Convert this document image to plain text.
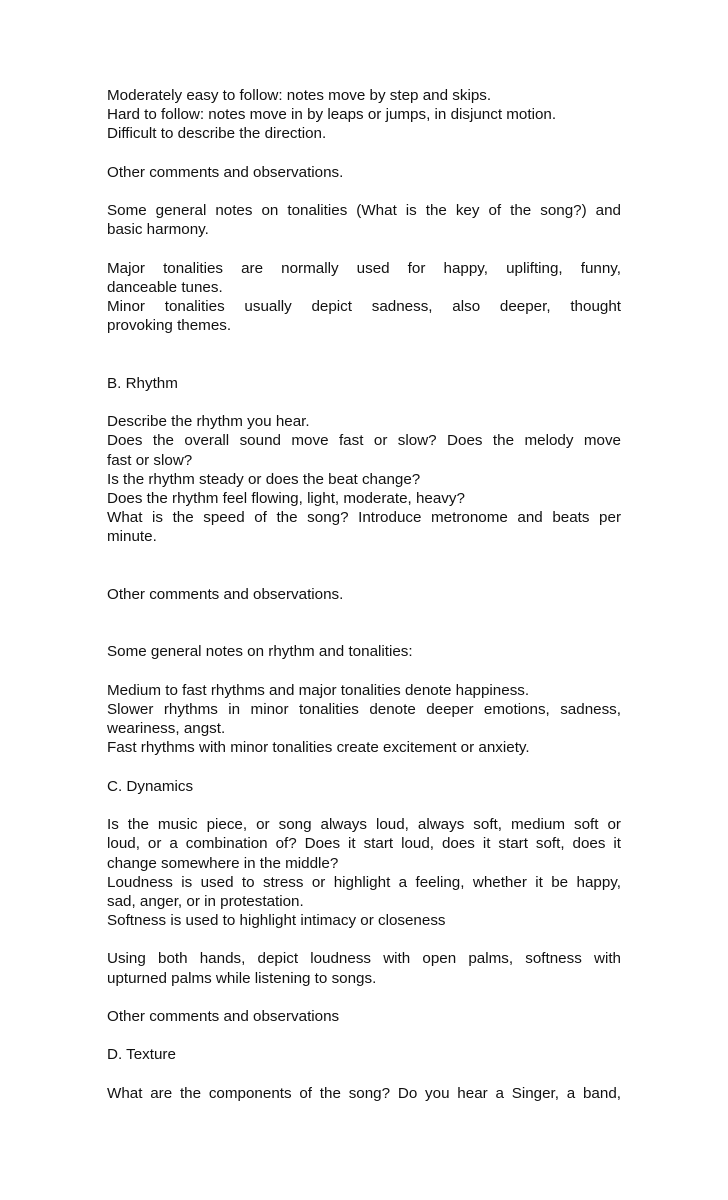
Moderately easy to follow: notes move by step and skips.
Hard to follow: notes move in by leaps or jumps, in disjunct motion.
Difficult to describe the direction.
Other comments and observations.
Some general notes on tonalities (What is the key of the song?) and
basic harmony.
Major tonalities are normally used for happy, uplifting, funny,
danceable tunes.
Minor tonalities usually depict sadness, also deeper, thought
provoking themes.
B. Rhythm
Describe the rhythm you hear.
Does the overall sound move fast or slow? Does the melody move
fast or slow?
Is the rhythm steady or does the beat change?
Does the rhythm feel flowing, light, moderate, heavy?
What is the speed of the song? Introduce metronome and beats per
minute.
Other comments and observations.
Some general notes on rhythm and tonalities:
Medium to fast rhythms and major tonalities denote happiness.
Slower rhythms in minor tonalities denote deeper emotions, sadness,
weariness, angst.
Fast rhythms with minor tonalities create excitement or anxiety.
C. Dynamics
Is the music piece, or song always loud, always soft, medium soft or
loud, or a combination of? Does it start loud, does it start soft, does it
change somewhere in the middle?
Loudness is used to stress or highlight a feeling, whether it be happy,
sad, anger, or in protestation.
Softness is used to highlight intimacy or closeness
Using both hands, depict loudness with open palms, softness with
upturned palms while listening to songs.
Other comments and observations
D. Texture
What are the components of the song? Do you hear a Singer, a band,
